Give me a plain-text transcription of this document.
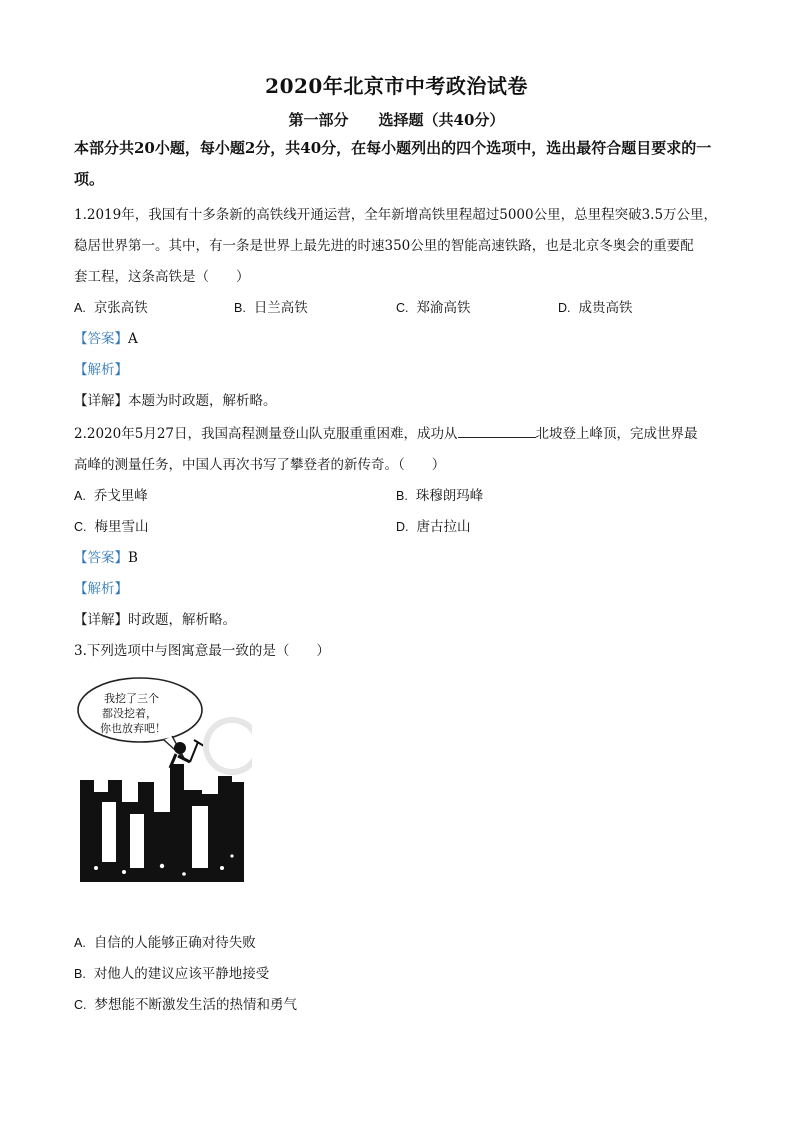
2020年北京市中考政治试卷
第一部分　　选择题（共40分）
本部分共20小题，每小题2分，共40分，在每小题列出的四个选项中，选出最符合题目要求的一项。
1.2019年，我国有十多条新的高铁线开通运营，全年新增高铁里程超过5000公里，总里程突破3.5万公里，
稳居世界第一。其中，有一条是世界上最先进的时速350公里的智能高速铁路，也是北京冬奥会的重要配
套工程，这条高铁是（　　）
A. 京张高铁	B. 日兰高铁	C. 郑渝高铁	D. 成贵高铁
【答案】A
【解析】
【详解】本题为时政题，解析略。
2.2020年5月27日，我国高程测量登山队克服重重困难，成功从	北坡登上峰顶，完成世界最
高峰的测量任务，中国人再次书写了攀登者的新传奇。（　　）
A. 乔戈里峰	B. 珠穆朗玛峰
C. 梅里雪山	D. 唐古拉山
【答案】B
【解析】
【详解】时政题，解析略。
3.下列选项中与图寓意最一致的是（　　）
我挖了三个
都没挖着，
你也放弃吧！
A. 自信的人能够正确对待失败
B. 对他人的建议应该平静地接受
C. 梦想能不断激发生活的热情和勇气
